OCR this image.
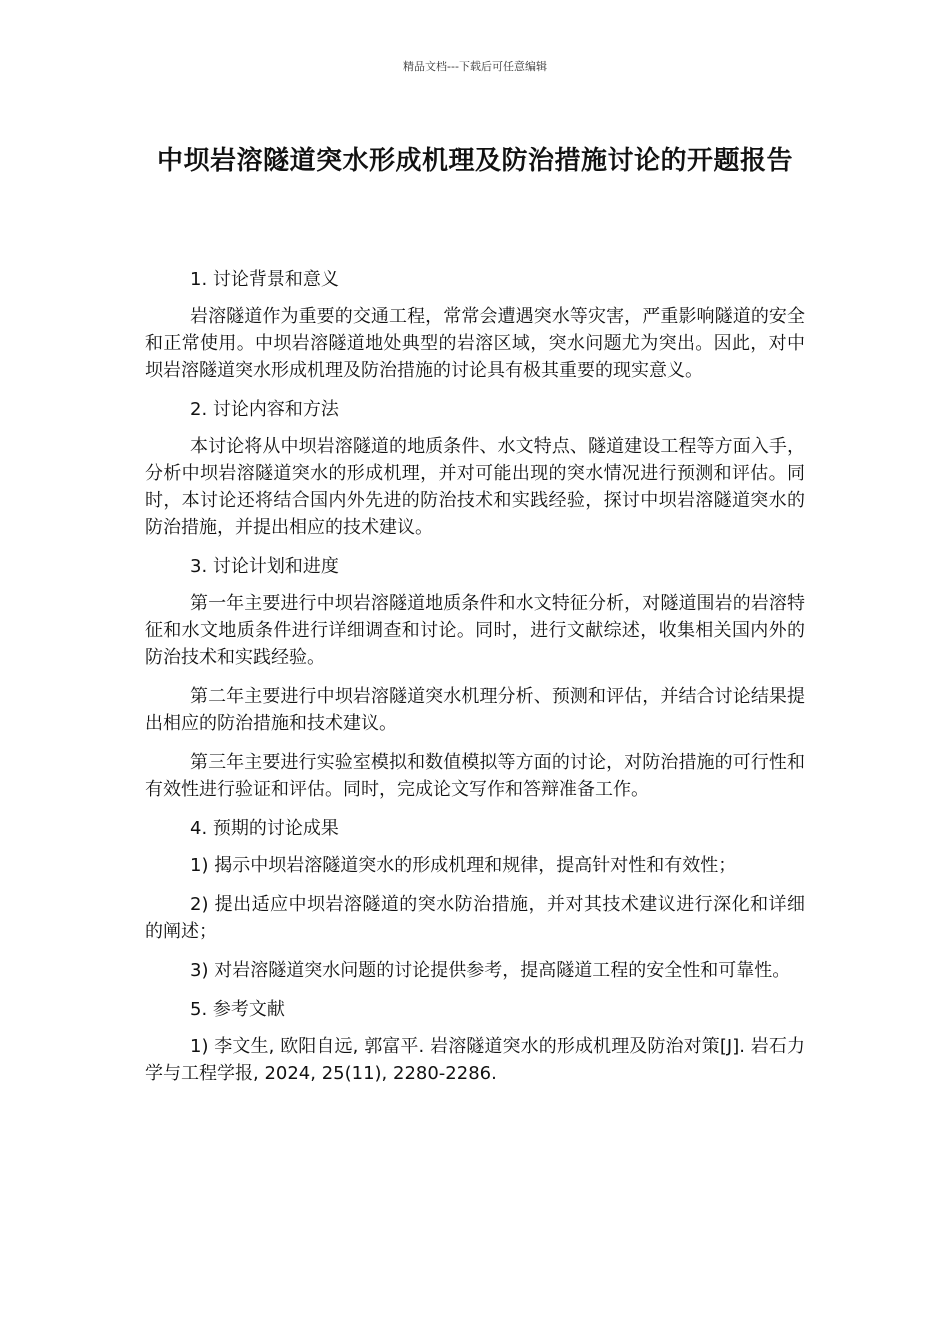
精品文档---下载后可任意编辑
中坝岩溶隧道突水形成机理及防治措施讨论的开题报告

1. 讨论背景和意义

岩溶隧道作为重要的交通工程，常常会遭遇突水等灾害，严重影响隧道的安全和正常使用。中坝岩溶隧道地处典型的岩溶区域，突水问题尤为突出。因此，对中坝岩溶隧道突水形成机理及防治措施的讨论具有极其重要的现实意义。

2. 讨论内容和方法

本讨论将从中坝岩溶隧道的地质条件、水文特点、隧道建设工程等方面入手，分析中坝岩溶隧道突水的形成机理，并对可能出现的突水情况进行预测和评估。同时，本讨论还将结合国内外先进的防治技术和实践经验，探讨中坝岩溶隧道突水的防治措施，并提出相应的技术建议。

3. 讨论计划和进度

第一年主要进行中坝岩溶隧道地质条件和水文特征分析，对隧道围岩的岩溶特征和水文地质条件进行详细调查和讨论。同时，进行文献综述，收集相关国内外的防治技术和实践经验。

第二年主要进行中坝岩溶隧道突水机理分析、预测和评估，并结合讨论结果提出相应的防治措施和技术建议。

第三年主要进行实验室模拟和数值模拟等方面的讨论，对防治措施的可行性和有效性进行验证和评估。同时，完成论文写作和答辩准备工作。

4. 预期的讨论成果

1) 揭示中坝岩溶隧道突水的形成机理和规律，提高针对性和有效性；

2) 提出适应中坝岩溶隧道的突水防治措施，并对其技术建议进行深化和详细的阐述；

3) 对岩溶隧道突水问题的讨论提供参考，提高隧道工程的安全性和可靠性。

5. 参考文献

1) 李文生, 欧阳自远, 郭富平. 岩溶隧道突水的形成机理及防治对策[J]. 岩石力学与工程学报, 2024, 25(11), 2280-2286.
